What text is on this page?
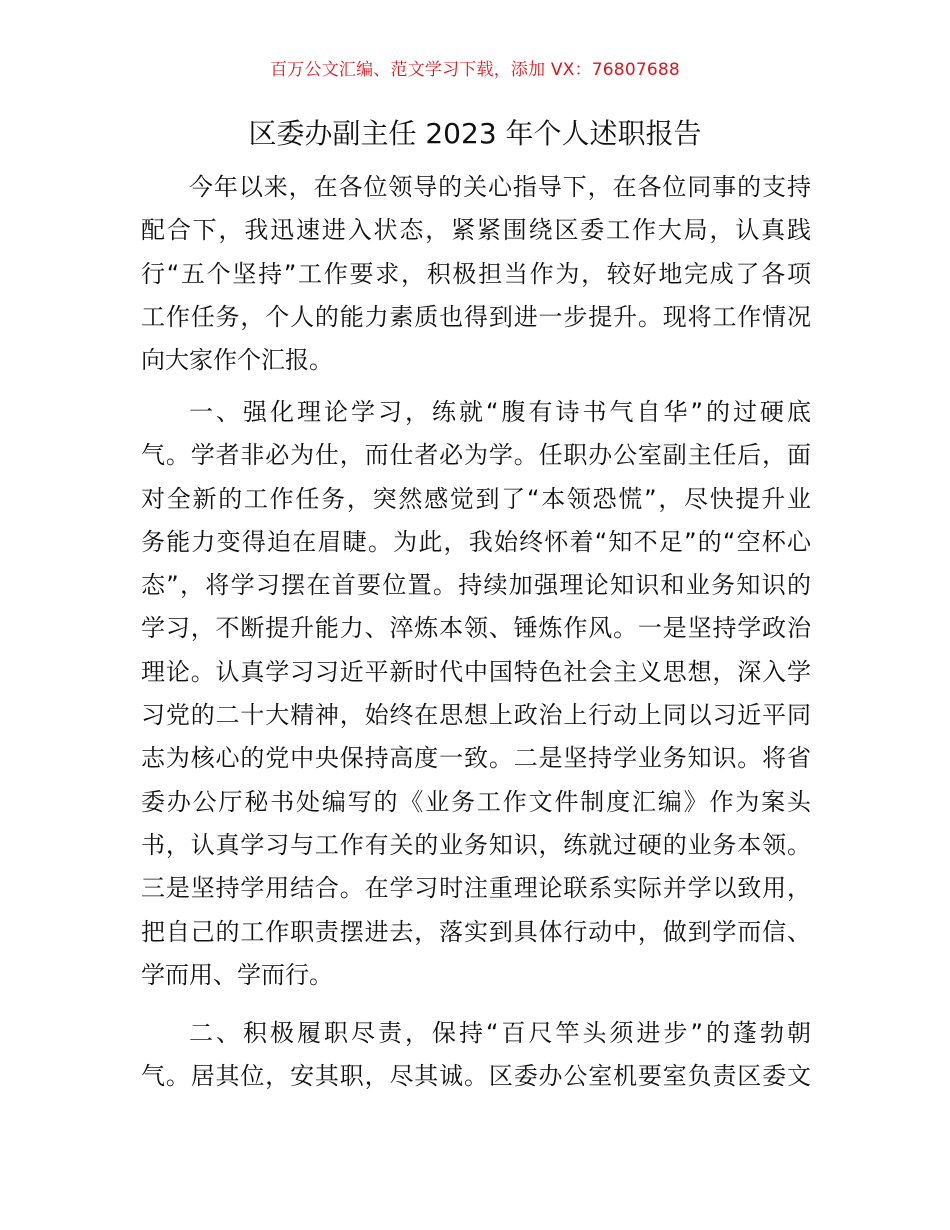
百万公文汇编、范文学习下载，添加 VX：76807688
区委办副主任 2023 年个人述职报告
今年以来，在各位领导的关心指导下，在各位同事的支持
配合下，我迅速进入状态，紧紧围绕区委工作大局，认真践
行“五个坚持”工作要求，积极担当作为，较好地完成了各项
工作任务，个人的能力素质也得到进一步提升。现将工作情况
向大家作个汇报。
一、强化理论学习，练就“腹有诗书气自华”的过硬底
气。学者非必为仕，而仕者必为学。任职办公室副主任后，面
对全新的工作任务，突然感觉到了“本领恐慌”，尽快提升业
务能力变得迫在眉睫。为此，我始终怀着“知不足”的“空杯心
态”，将学习摆在首要位置。持续加强理论知识和业务知识的
学习，不断提升能力、淬炼本领、锤炼作风。一是坚持学政治
理论。认真学习习近平新时代中国特色社会主义思想，深入学
习党的二十大精神，始终在思想上政治上行动上同以习近平同
志为核心的党中央保持高度一致。二是坚持学业务知识。将省
委办公厅秘书处编写的《业务工作文件制度汇编》作为案头
书，认真学习与工作有关的业务知识，练就过硬的业务本领。
三是坚持学用结合。在学习时注重理论联系实际并学以致用，
把自己的工作职责摆进去，落实到具体行动中，做到学而信、
学而用、学而行。
二、积极履职尽责，保持“百尺竿头须进步”的蓬勃朝
气。居其位，安其职，尽其诚。区委办公室机要室负责区委文
